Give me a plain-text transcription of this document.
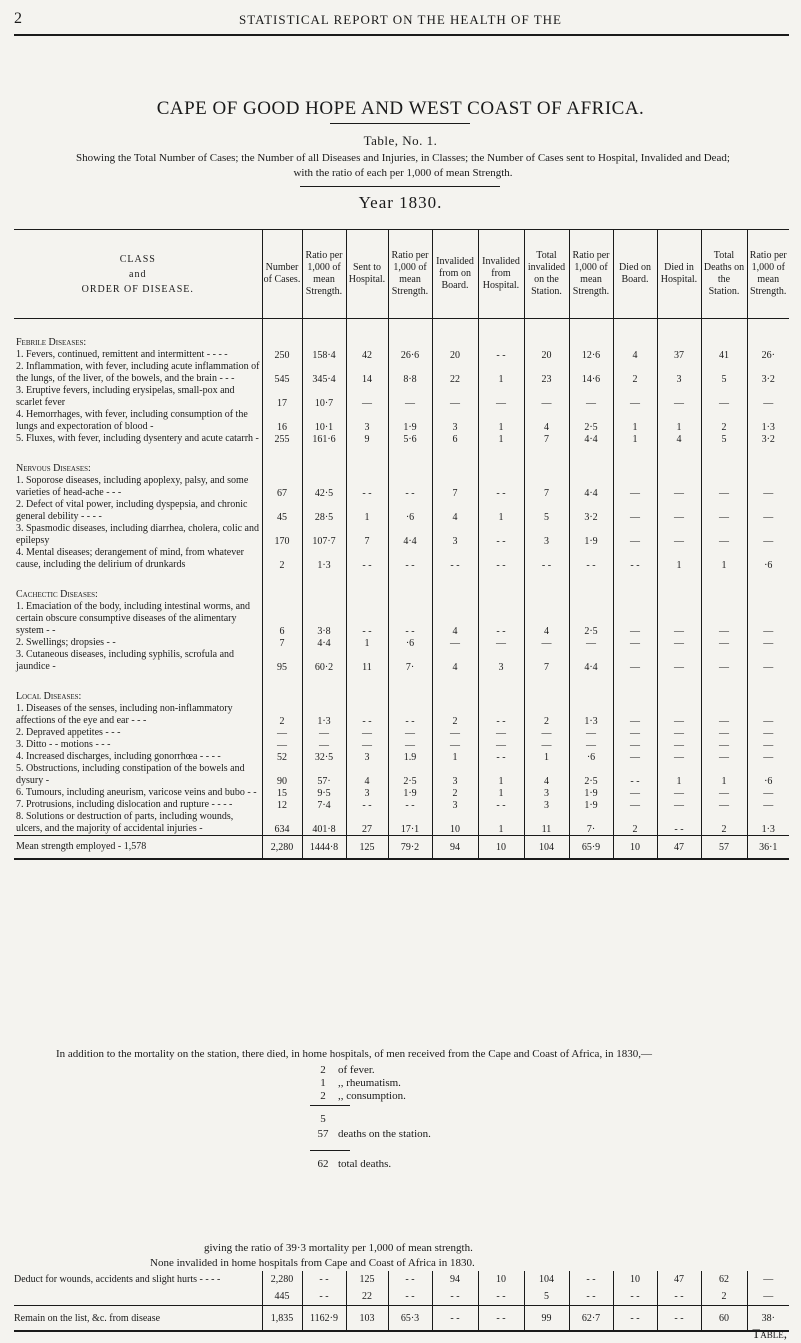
2	STATISTICAL REPORT ON THE HEALTH OF THE
CAPE OF GOOD HOPE AND WEST COAST OF AFRICA.
Table, No. 1.
Showing the Total Number of Cases; the Number of all Diseases and Injuries, in Classes; the Number of Cases sent to Hospital, Invalided and Dead;
with the ratio of each per 1,000 of mean Strength.
Year 1830.
CLASS
and
ORDER OF DISEASE.	Number of Cases.	Ratio per 1,000 of mean Strength.	Sent to Hospital.	Ratio per 1,000 of mean Strength.	Invalided from on Board.	Invalided from Hospital.	Total invalided on the Station.	Ratio per 1,000 of mean Strength.	Died on Board.	Died in Hospital.	Total Deaths on the Station.	Ratio per 1,000 of mean Strength.
Febrile Diseases:												
1. Fevers, continued, remittent and intermittent - - - -	250	158·4	42	26·6	20	- -	20	12·6	4	37	41	26·
2. Inflammation, with fever, including acute inflammation of the lungs, of the liver, of the bowels, and the brain - - -	545	345·4	14	8·8	22	1	23	14·6	2	3	5	3·2
3. Eruptive fevers, including erysipelas, small-pox and scarlet fever	17	10·7	—	—	—	—	—	—	—	—	—	—
4. Hemorrhages, with fever, including consumption of the lungs and expectoration of blood -	16	10·1	3	1·9	3	1	4	2·5	1	1	2	1·3
5. Fluxes, with fever, including dysentery and acute catarrh -	255	161·6	9	5·6	6	1	7	4·4	1	4	5	3·2
Nervous Diseases:												
1. Soporose diseases, including apoplexy, palsy, and some varieties of head-ache - - -	67	42·5	- -	- -	7	- -	7	4·4	—	—	—	—
2. Defect of vital power, including dyspepsia, and chronic general debility - - - -	45	28·5	1	·6	4	1	5	3·2	—	—	—	—
3. Spasmodic diseases, including diarrhea, cholera, colic and epilepsy	170	107·7	7	4·4	3	- -	3	1·9	—	—	—	—
4. Mental diseases; derangement of mind, from whatever cause, including the delirium of drunkards	2	1·3	- -	- -	- -	- -	- -	- -	- -	1	1	·6
Cachectic Diseases:												
1. Emaciation of the body, including intestinal worms, and certain obscure consumptive diseases of the alimentary system - -	6	3·8	- -	- -	4	- -	4	2·5	—	—	—	—
2. Swellings; dropsies - -	7	4·4	1	·6	—	—	—	—	—	—	—	—
3. Cutaneous diseases, including syphilis, scrofula and jaundice -	95	60·2	11	7·	4	3	7	4·4	—	—	—	—
Local Diseases:												
1. Diseases of the senses, including non-inflammatory affections of the eye and ear - - -	2	1·3	- -	- -	2	- -	2	1·3	—	—	—	—
2. Depraved appetites - - -	—	—	—	—	—	—	—	—	—	—	—	—
3. Ditto - - motions - - -	—	—	—	—	—	—	—	—	—	—	—	—
4. Increased discharges, including gonorrhœa - - - -	52	32·5	3	1.9	1	- -	1	·6	—	—	—	—
5. Obstructions, including constipation of the bowels and dysury -	90	57·	4	2·5	3	1	4	2·5	- -	1	1	·6
6. Tumours, including aneurism, varicose veins and bubo - -	15	9·5	3	1·9	2	1	3	1·9	—	—	—	—
7. Protrusions, including dislocation and rupture - - - -	12	7·4	- -	- -	3	- -	3	1·9	—	—	—	—
8. Solutions or destruction of parts, including wounds, ulcers, and the majority of accidental injuries -	634	401·8	27	17·1	10	1	11	7·	2	- -	2	1·3
Mean strength employed - 1,578	2,280	1444·8	125	79·2	94	10	104	65·9	10	47	57	36·1
In addition to the mortality on the station, there died, in home hospitals, of men received from the Cape and Coast of Africa, in 1830,—
2 of fever.
1 ,, rheumatism.
2 ,, consumption.
5
57 deaths on the station.
62 total deaths.
giving the ratio of 39·3 mortality per 1,000 of mean strength.
None invalided in home hospitals from Cape and Coast of Africa in 1830.
Deduct for wounds, accidents and slight hurts - - - -	2,280	- -	125	- -	94	10	104	- -	10	47	62	—
	445	- -	22	- -	- -	- -	5	- -	- -	- -	2	—
Remain on the list, &c. from disease	1,835	1162·9	103	65·3	- -	- -	99	62·7	- -	- -	60	38·
Table,
